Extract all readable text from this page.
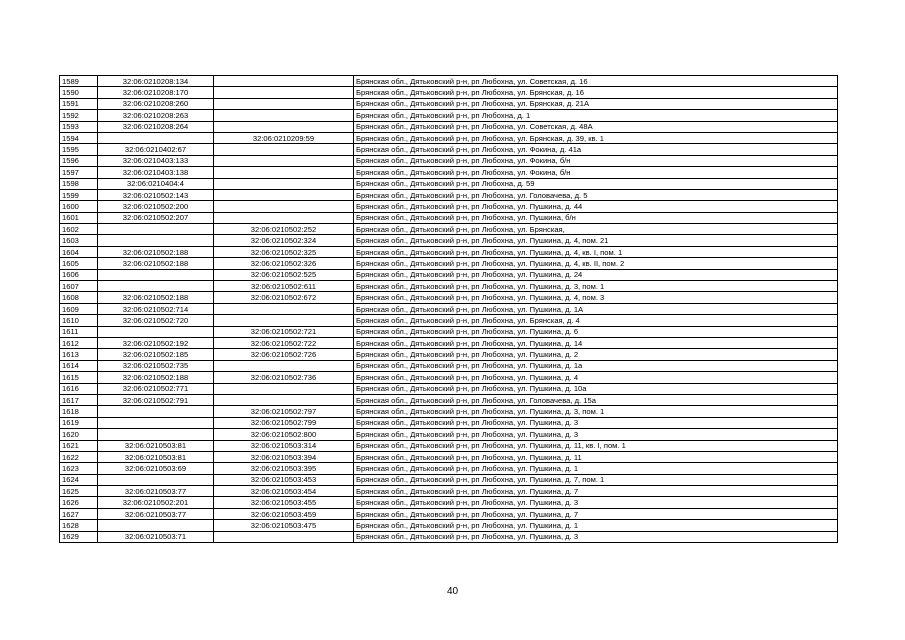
1589	32:06:0210208:134		Брянская обл., Дятьковский р-н, рп Любохна, ул. Советская, д. 16
1590	32:06:0210208:170		Брянская обл., Дятьковский р-н, рп Любохна, ул. Брянская, д. 16
1591	32:06:0210208:260		Брянская обл., Дятьковский р-н, рп Любохна, ул. Брянская, д. 21А
1592	32:06:0210208:263		Брянская обл., Дятьковский р-н, рп Любохна, д. 1
1593	32:06:0210208:264		Брянская обл., Дятьковский р-н, рп Любохна, ул. Советская, д. 48А
1594		32:06:0210209:59	Брянская обл., Дятьковский р-н, рп Любохна, ул. Брянская, д. 39, кв. 1
1595	32:06:0210402:67		Брянская обл., Дятьковский р-н, рп Любохна, ул. Фокина, д. 41а
1596	32:06:0210403:133		Брянская обл., Дятьковский р-н, рп Любохна, ул. Фокина, б/н
1597	32:06:0210403:138		Брянская обл., Дятьковский р-н, рп Любохна, ул. Фокина, б/н
1598	32:06:0210404:4		Брянская обл., Дятьковский р-н, рп Любохна, д. 59
1599	32:06:0210502:143		Брянская обл., Дятьковский р-н, рп Любохна, ул. Головачева, д. 5
1600	32:06:0210502:200		Брянская обл., Дятьковский р-н, рп Любохна, ул. Пушкина, д. 44
1601	32:06:0210502:207		Брянская обл., Дятьковский р-н, рп Любохна, ул. Пушкина, б/н
1602		32:06:0210502:252	Брянская обл., Дятьковский р-н, рп Любохна, ул. Брянская,
1603		32:06:0210502:324	Брянская обл., Дятьковский р-н, рп Любохна, ул. Пушкина, д. 4, пом. 21
1604	32:06:0210502:188	32:06:0210502:325	Брянская обл., Дятьковский р-н, рп Любохна, ул. Пушкина, д. 4, кв. I, пом. 1
1605	32:06:0210502:188	32:06:0210502:326	Брянская обл., Дятьковский р-н, рп Любохна, ул. Пушкина, д. 4, кв. II, пом. 2
1606		32:06:0210502:525	Брянская обл., Дятьковский р-н, рп Любохна, ул. Пушкина, д. 24
1607		32:06:0210502:611	Брянская обл., Дятьковский р-н, рп Любохна, ул. Пушкина, д. 3, пом. 1
1608	32:06:0210502:188	32:06:0210502:672	Брянская обл., Дятьковский р-н, рп Любохна, ул. Пушкина, д. 4, пом. 3
1609	32:06:0210502:714		Брянская обл., Дятьковский р-н, рп Любохна, ул. Пушкина, д. 1А
1610	32:06:0210502:720		Брянская обл., Дятьковский р-н, рп Любохна, ул. Брянская, д. 4
1611		32:06:0210502:721	Брянская обл., Дятьковский р-н, рп Любохна, ул. Пушкина, д. 6
1612	32:06:0210502:192	32:06:0210502:722	Брянская обл., Дятьковский р-н, рп Любохна, ул. Пушкина, д. 14
1613	32:06:0210502:185	32:06:0210502:726	Брянская обл., Дятьковский р-н, рп Любохна, ул. Пушкина, д. 2
1614	32:06:0210502:735		Брянская обл., Дятьковский р-н, рп Любохна, ул. Пушкина, д. 1а
1615	32:06:0210502:188	32:06:0210502:736	Брянская обл., Дятьковский р-н, рп Любохна, ул. Пушкина, д. 4
1616	32:06:0210502:771		Брянская обл., Дятьковский р-н, рп Любохна, ул. Пушкина, д. 10а
1617	32:06:0210502:791		Брянская обл., Дятьковский р-н, рп Любохна, ул. Головачева, д. 15а
1618		32:06:0210502:797	Брянская обл., Дятьковский р-н, рп Любохна, ул. Пушкина, д. 3, пом. 1
1619		32:06:0210502:799	Брянская обл., Дятьковский р-н, рп Любохна, ул. Пушкина, д. 3
1620		32:06:0210502:800	Брянская обл., Дятьковский р-н, рп Любохна, ул. Пушкина, д. 3
1621	32:06:0210503:81	32:06:0210503:314	Брянская обл., Дятьковский р-н, рп Любохна, ул. Пушкина, д. 11, кв. I, пом. 1
1622	32:06:0210503:81	32:06:0210503:394	Брянская обл., Дятьковский р-н, рп Любохна, ул. Пушкина, д. 11
1623	32:06:0210503:69	32:06:0210503:395	Брянская обл., Дятьковский р-н, рп Любохна, ул. Пушкина, д. 1
1624		32:06:0210503:453	Брянская обл., Дятьковский р-н, рп Любохна, ул. Пушкина, д. 7, пом. 1
1625	32:06:0210503:77	32:06:0210503:454	Брянская обл., Дятьковский р-н, рп Любохна, ул. Пушкина, д. 7
1626	32:06:0210502:201	32:06:0210503:455	Брянская обл., Дятьковский р-н, рп Любохна, ул. Пушкина, д. 3
1627	32:06:0210503:77	32:06:0210503:459	Брянская обл., Дятьковский р-н, рп Любохна, ул. Пушкина, д. 7
1628		32:06:0210503:475	Брянская обл., Дятьковский р-н, рп Любохна, ул. Пушкина, д. 1
1629	32:06:0210503:71		Брянская обл., Дятьковский р-н, рп Любохна, ул. Пушкина, д. 3
40
